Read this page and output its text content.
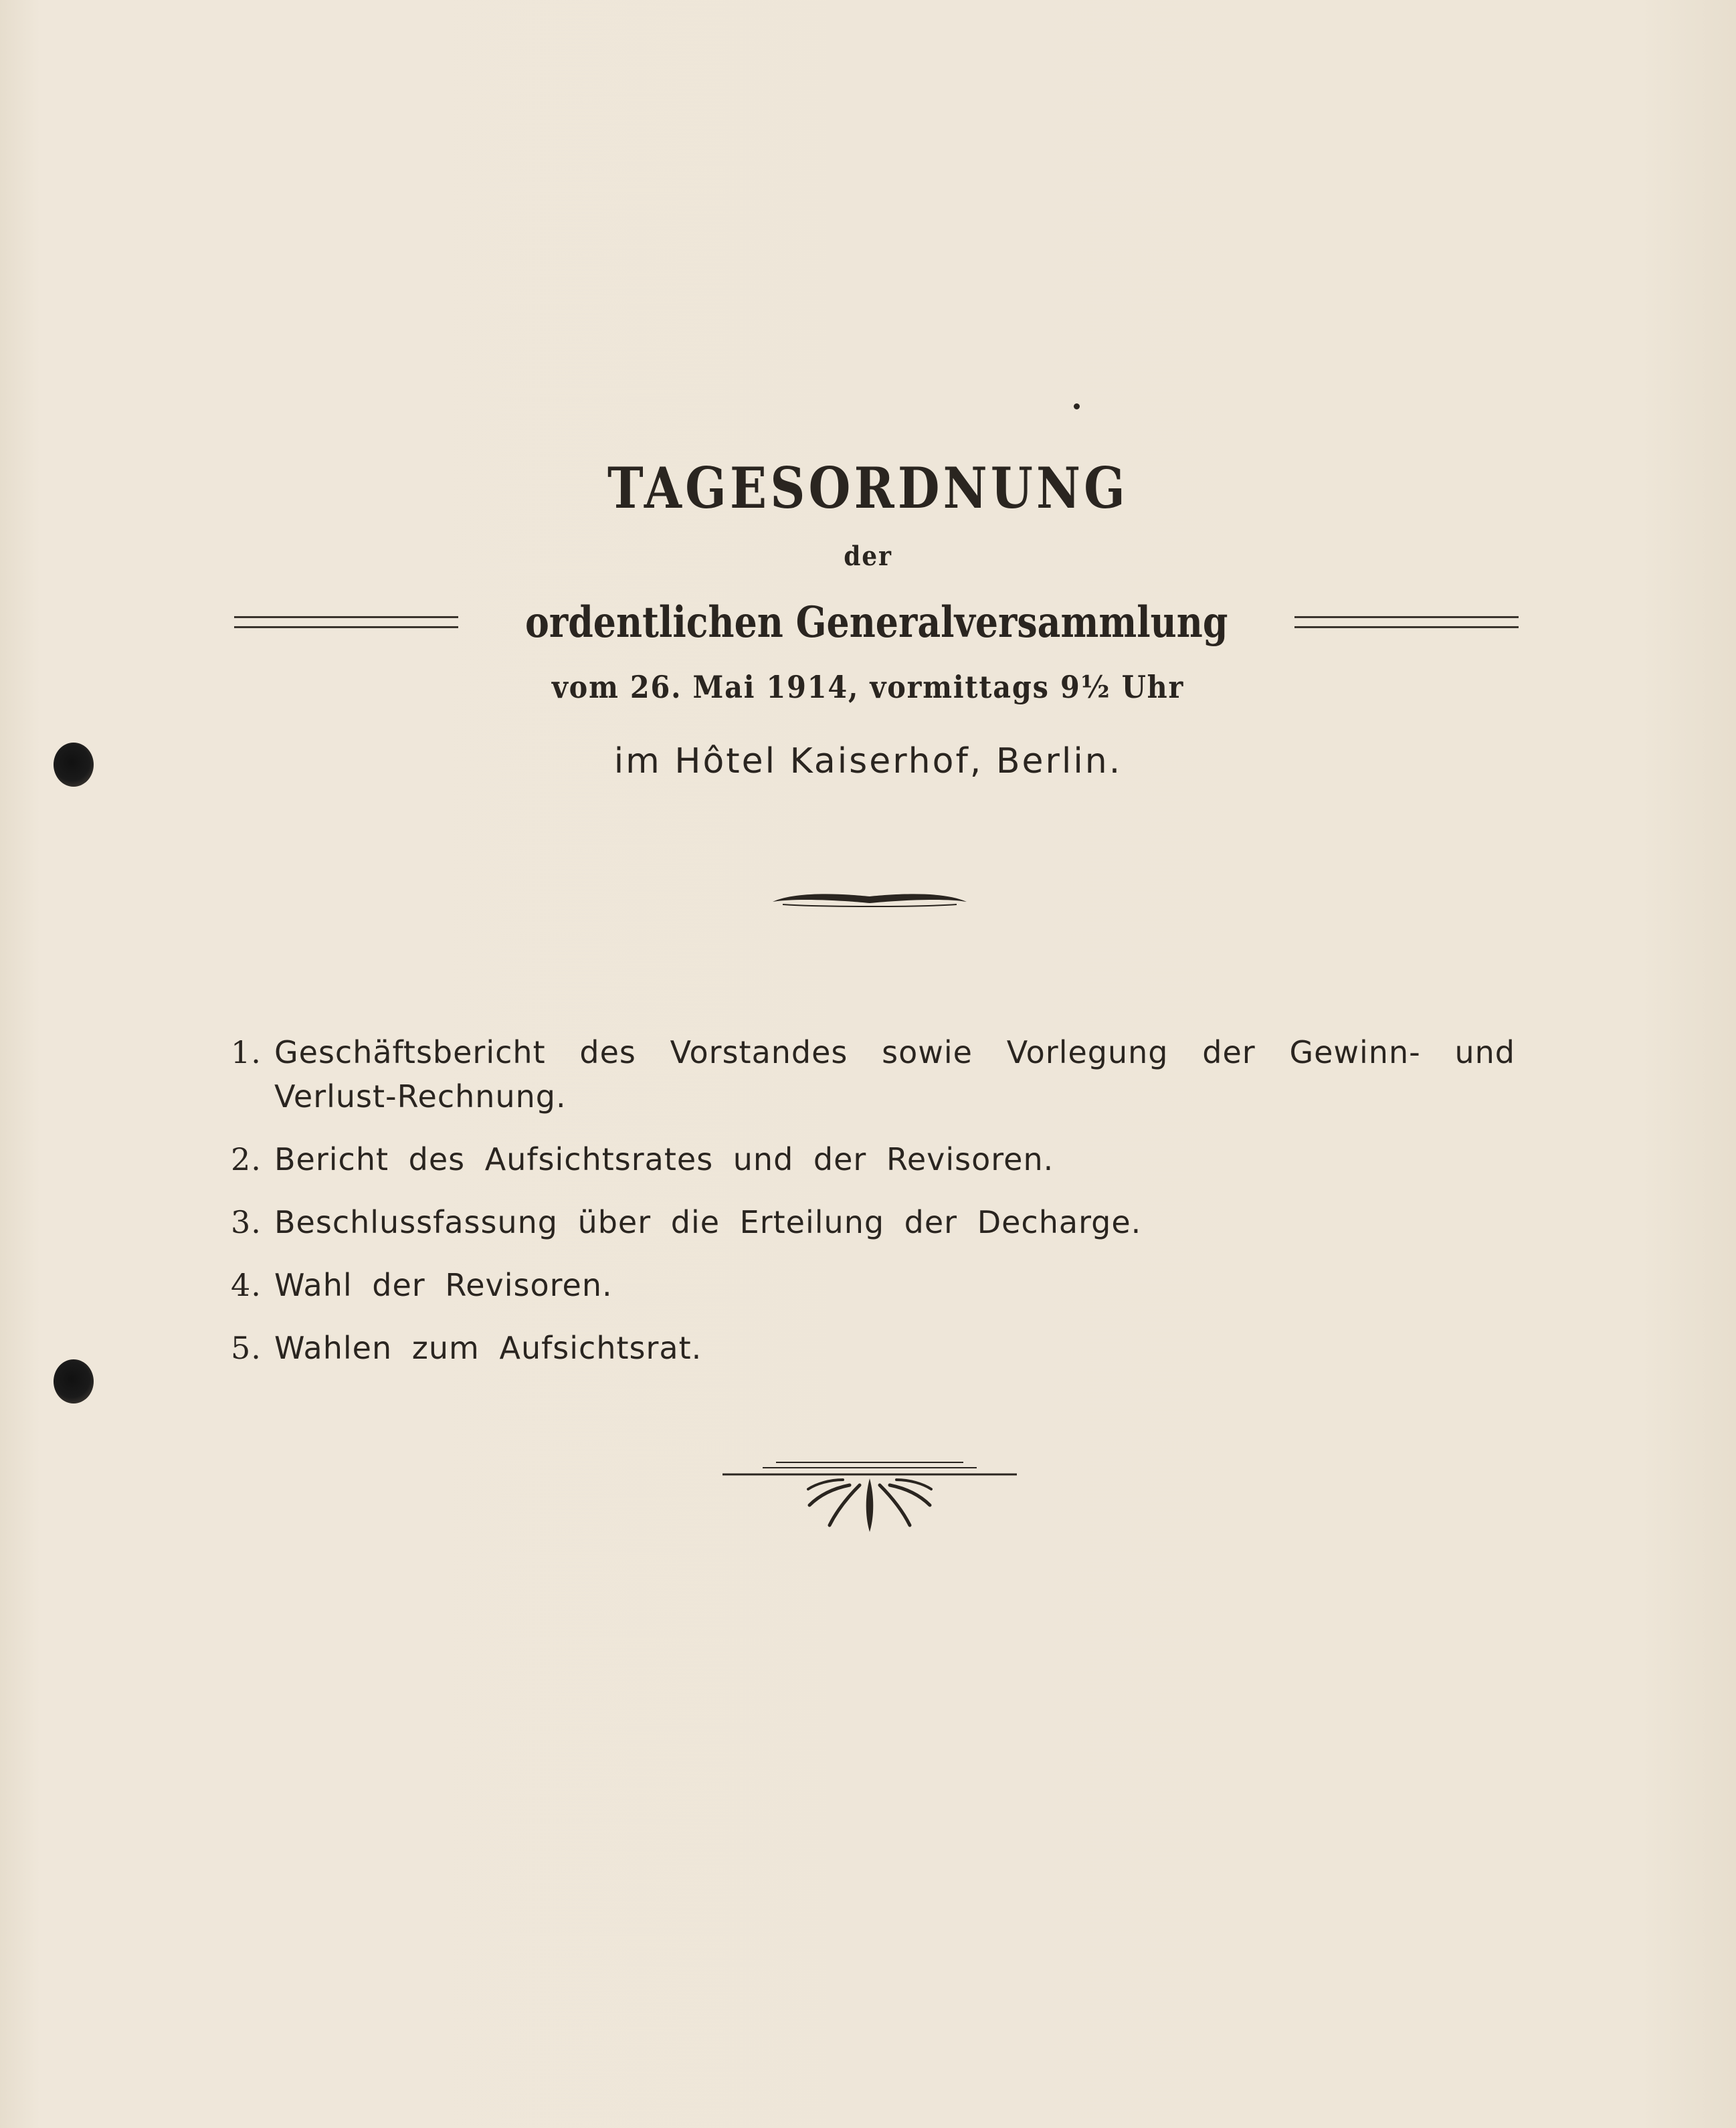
TAGESORDNUNG
der
ordentlichen Generalversammlung
vom 26. Mai 1914, vormittags 9½ Uhr
im Hôtel Kaiserhof, Berlin.
1. Geschäftsbericht des Vorstandes sowie Vorlegung der Gewinn- und Verlust-Rechnung.
2. Bericht des Aufsichtsrates und der Revisoren.
3. Beschlussfassung über die Erteilung der Decharge.
4. Wahl der Revisoren.
5. Wahlen zum Aufsichtsrat.
